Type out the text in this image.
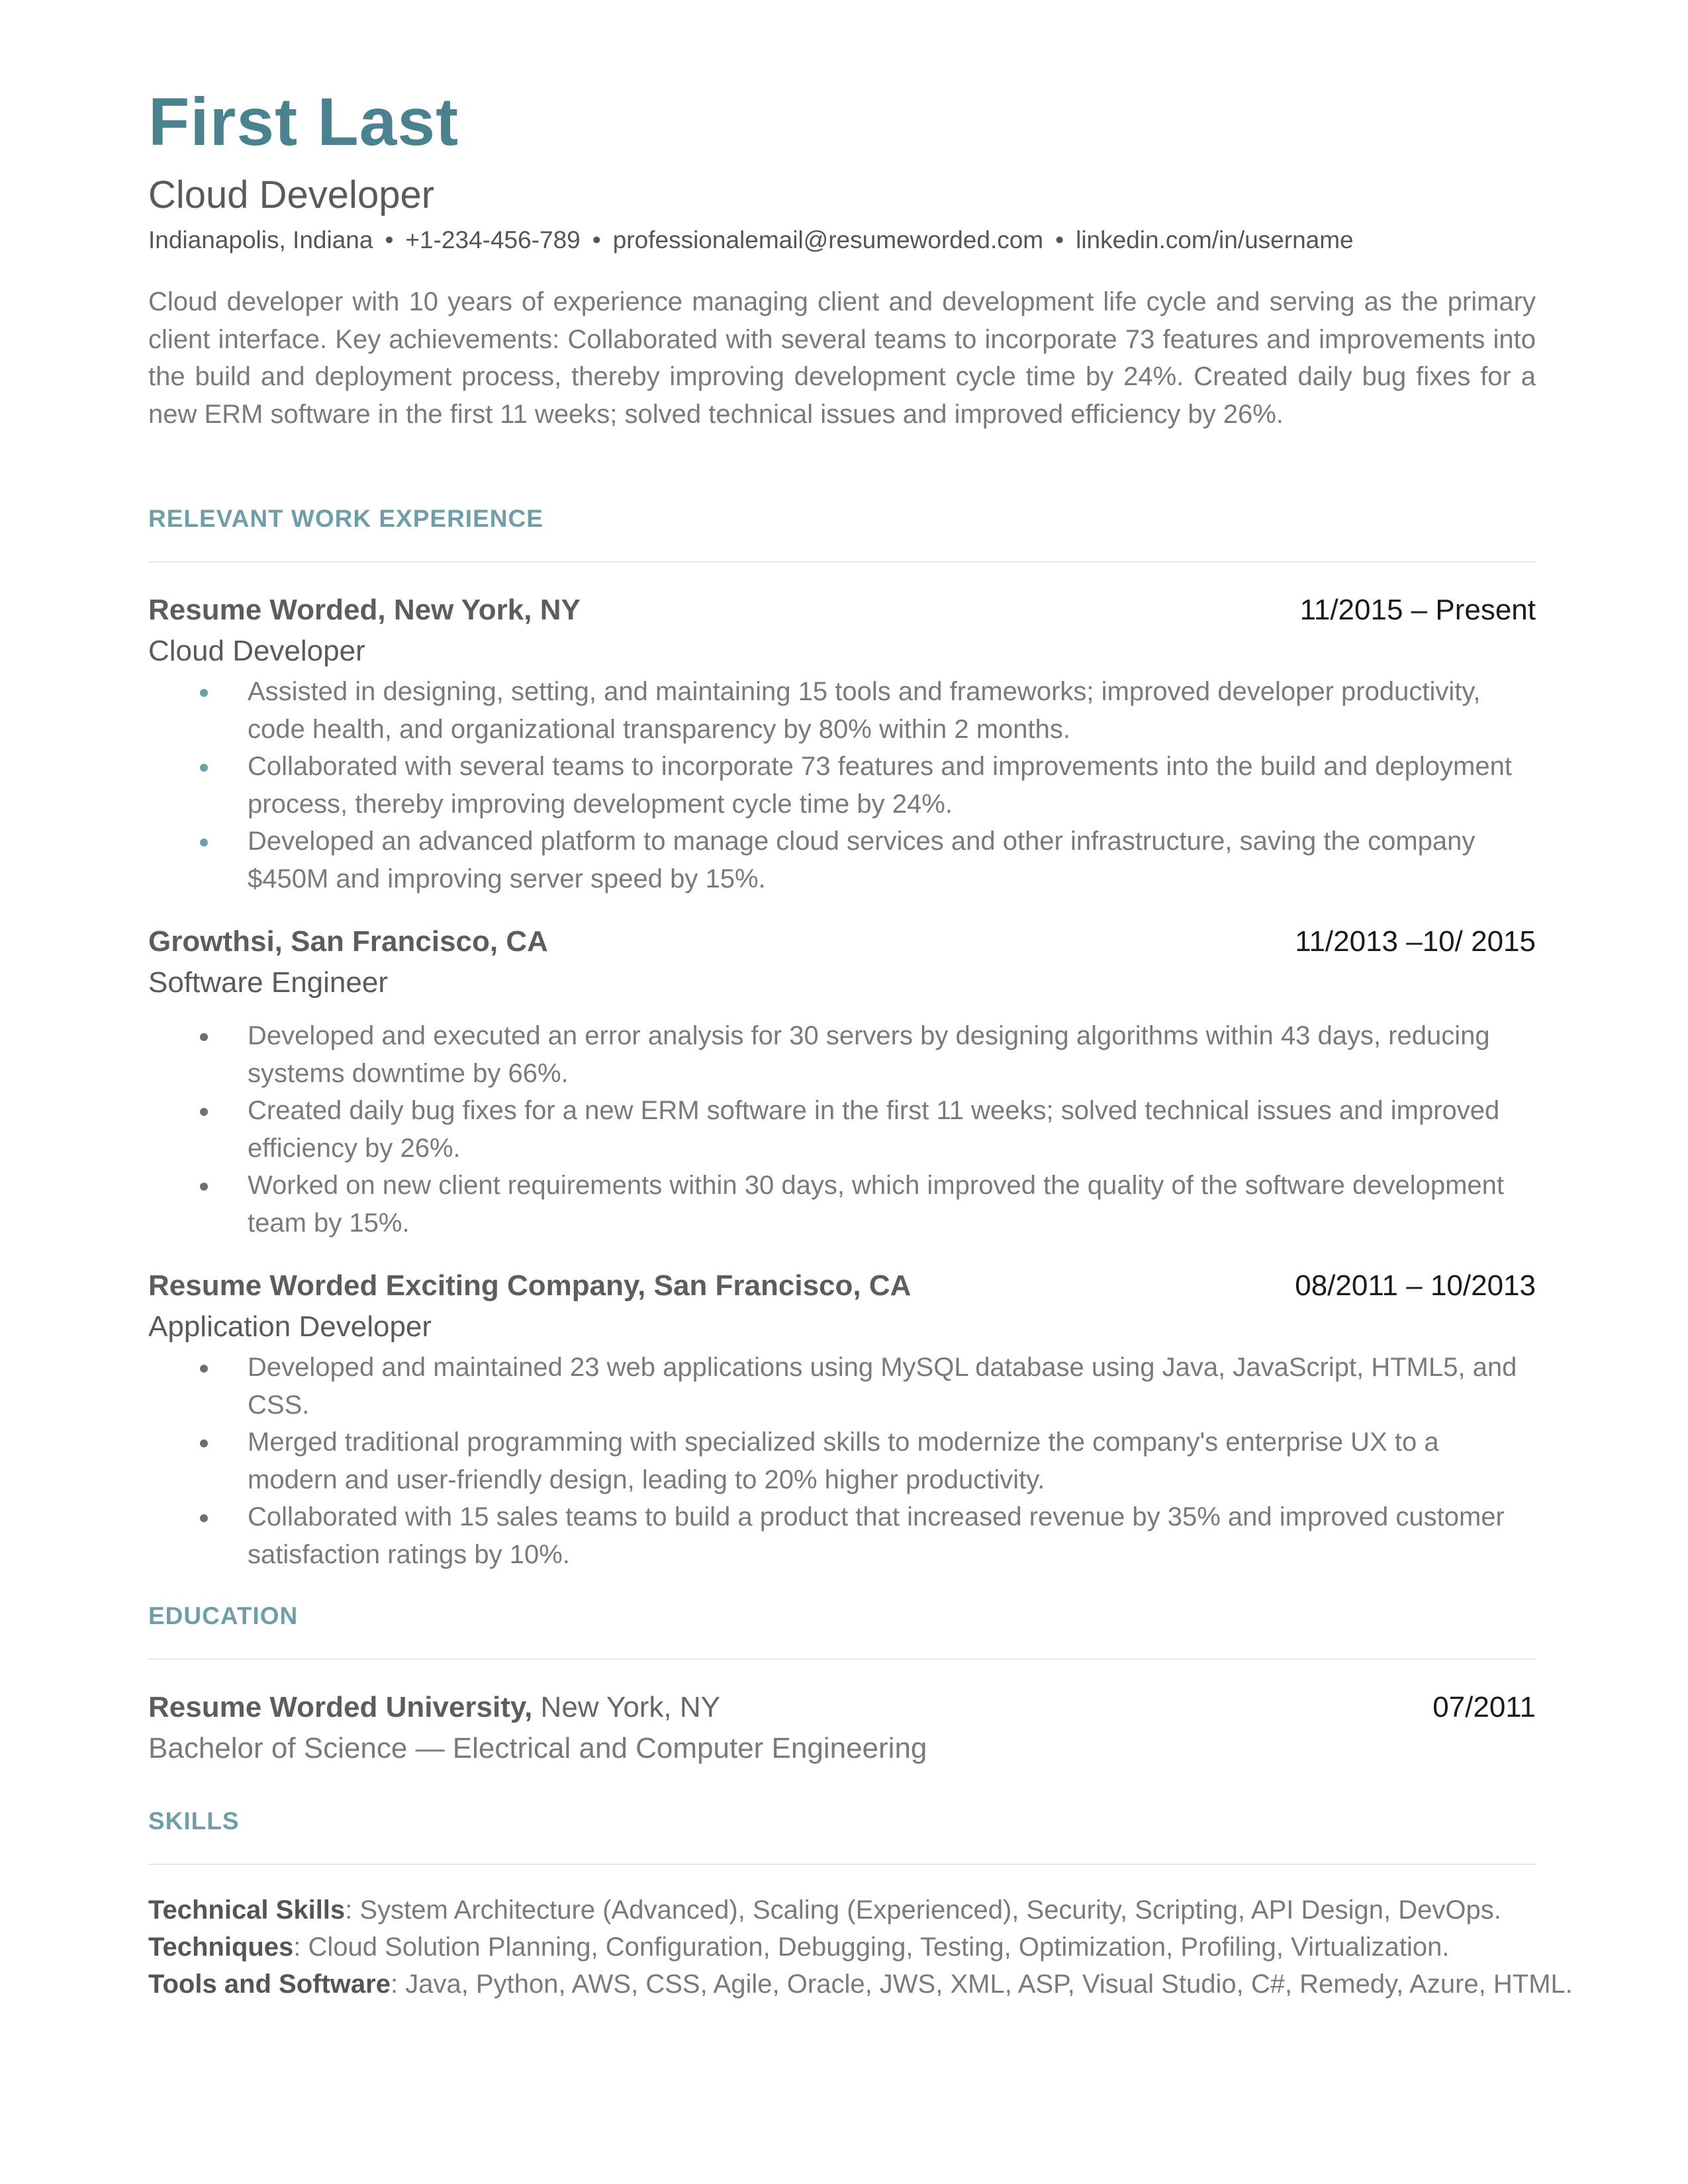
First Last
Cloud Developer
Indianapolis, Indiana • +1-234-456-789 • professionalemail@resumeworded.com • linkedin.com/in/username
Cloud developer with 10 years of experience managing client and development life cycle and serving as the primary client interface. Key achievements: Collaborated with several teams to incorporate 73 features and improvements into the build and deployment process, thereby improving development cycle time by 24%. Created daily bug fixes for a new ERM software in the first 11 weeks; solved technical issues and improved efficiency by 26%.
RELEVANT WORK EXPERIENCE
Resume Worded, New York, NY	11/2015 – Present
Cloud Developer
Assisted in designing, setting, and maintaining 15 tools and frameworks; improved developer productivity, code health, and organizational transparency by 80% within 2 months.
Collaborated with several teams to incorporate 73 features and improvements into the build and deployment process, thereby improving development cycle time by 24%.
Developed an advanced platform to manage cloud services and other infrastructure, saving the company $450M and improving server speed by 15%.
Growthsi, San Francisco, CA	11/2013 –10/ 2015
Software Engineer
Developed and executed an error analysis for 30 servers by designing algorithms within 43 days, reducing systems downtime by 66%.
Created daily bug fixes for a new ERM software in the first 11 weeks; solved technical issues and improved efficiency by 26%.
Worked on new client requirements within 30 days, which improved the quality of the software development team by 15%.
Resume Worded Exciting Company, San Francisco, CA	08/2011 – 10/2013
Application Developer
Developed and maintained 23 web applications using MySQL database using Java, JavaScript, HTML5, and CSS.
Merged traditional programming with specialized skills to modernize the company's enterprise UX to a modern and user-friendly design, leading to 20% higher productivity.
Collaborated with 15 sales teams to build a product that increased revenue by 35% and improved customer satisfaction ratings by 10%.
EDUCATION
Resume Worded University, New York, NY	07/2011
Bachelor of Science — Electrical and Computer Engineering
SKILLS
Technical Skills: System Architecture (Advanced), Scaling (Experienced), Security, Scripting, API Design, DevOps.
Techniques: Cloud Solution Planning, Configuration, Debugging, Testing, Optimization, Profiling, Virtualization.
Tools and Software: Java, Python, AWS, CSS, Agile, Oracle, JWS, XML, ASP, Visual Studio, C#, Remedy, Azure, HTML.
